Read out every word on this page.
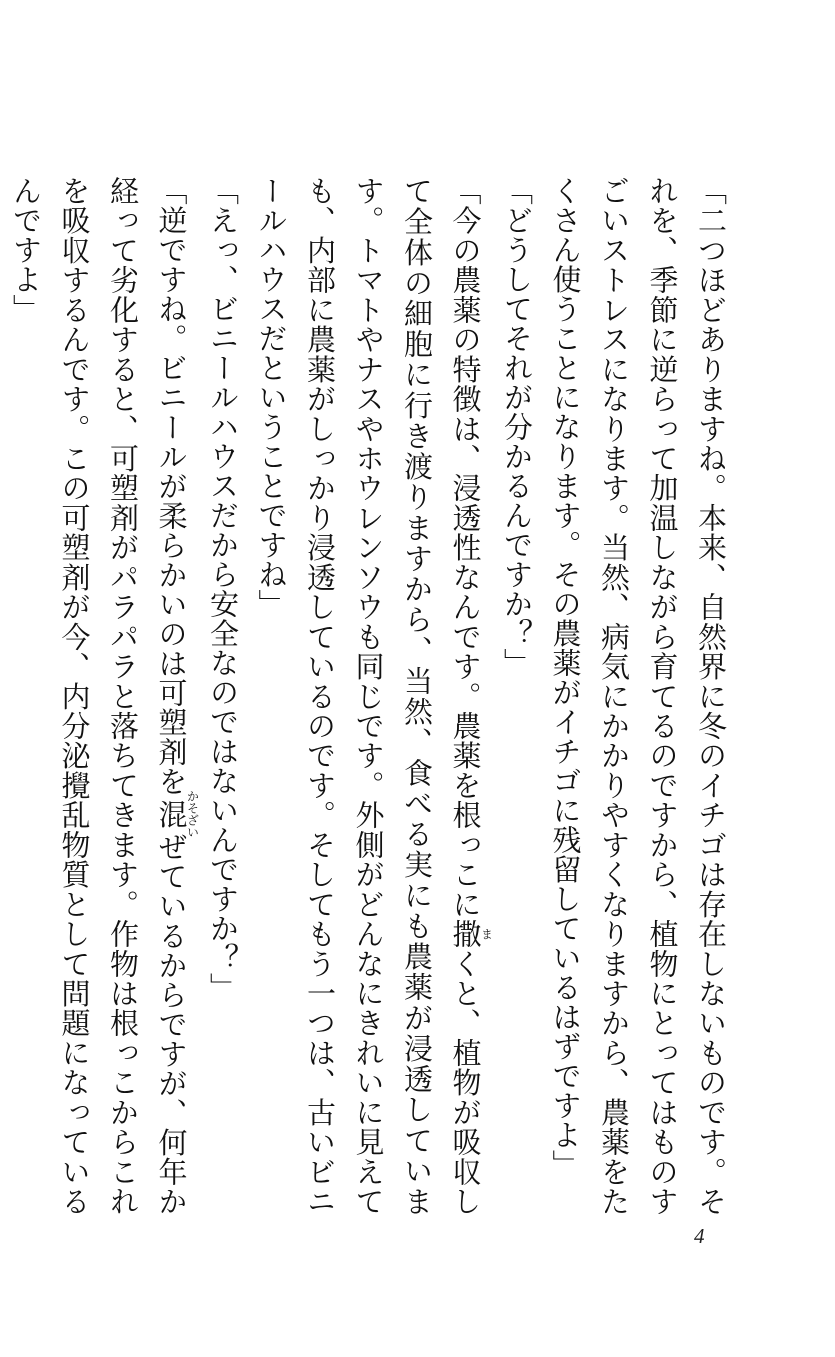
「二つほどありますね。本来、自然界に冬のイチゴは存在しないものです。それを、季節に逆らって加温しながら育てるのですから、植物にとってはものすごいストレスになります。当然、病気にかかりやすくなりますから、農薬をたくさん使うことになります。その農薬がイチゴに残留しているはずですよ」

「どうしてそれが分かるんですか？」

「今の農薬の特徴は、浸透性なんです。農薬を根っこに撒まくと、植物が吸収して全体の細胞に行き渡りますから、当然、食べる実にも農薬が浸透しています。トマトやナスやホウレンソウも同じです。外側がどんなにきれいに見えても、内部に農薬がしっかり浸透しているのです。そしてもう一つは、古いビニールハウスだということですね」

「えっ、ビニールハウスだから安全なのではないんですか？」

「逆ですね。ビニールが柔らかいのは可塑剤を混かそざいぜているからですが、何年か経って劣化すると、可塑剤がパラパラと落ちてきます。作物は根っこからこれを吸収するんです。この可塑剤が今、内分泌攪乱物質として問題になっているんですよ」

4
